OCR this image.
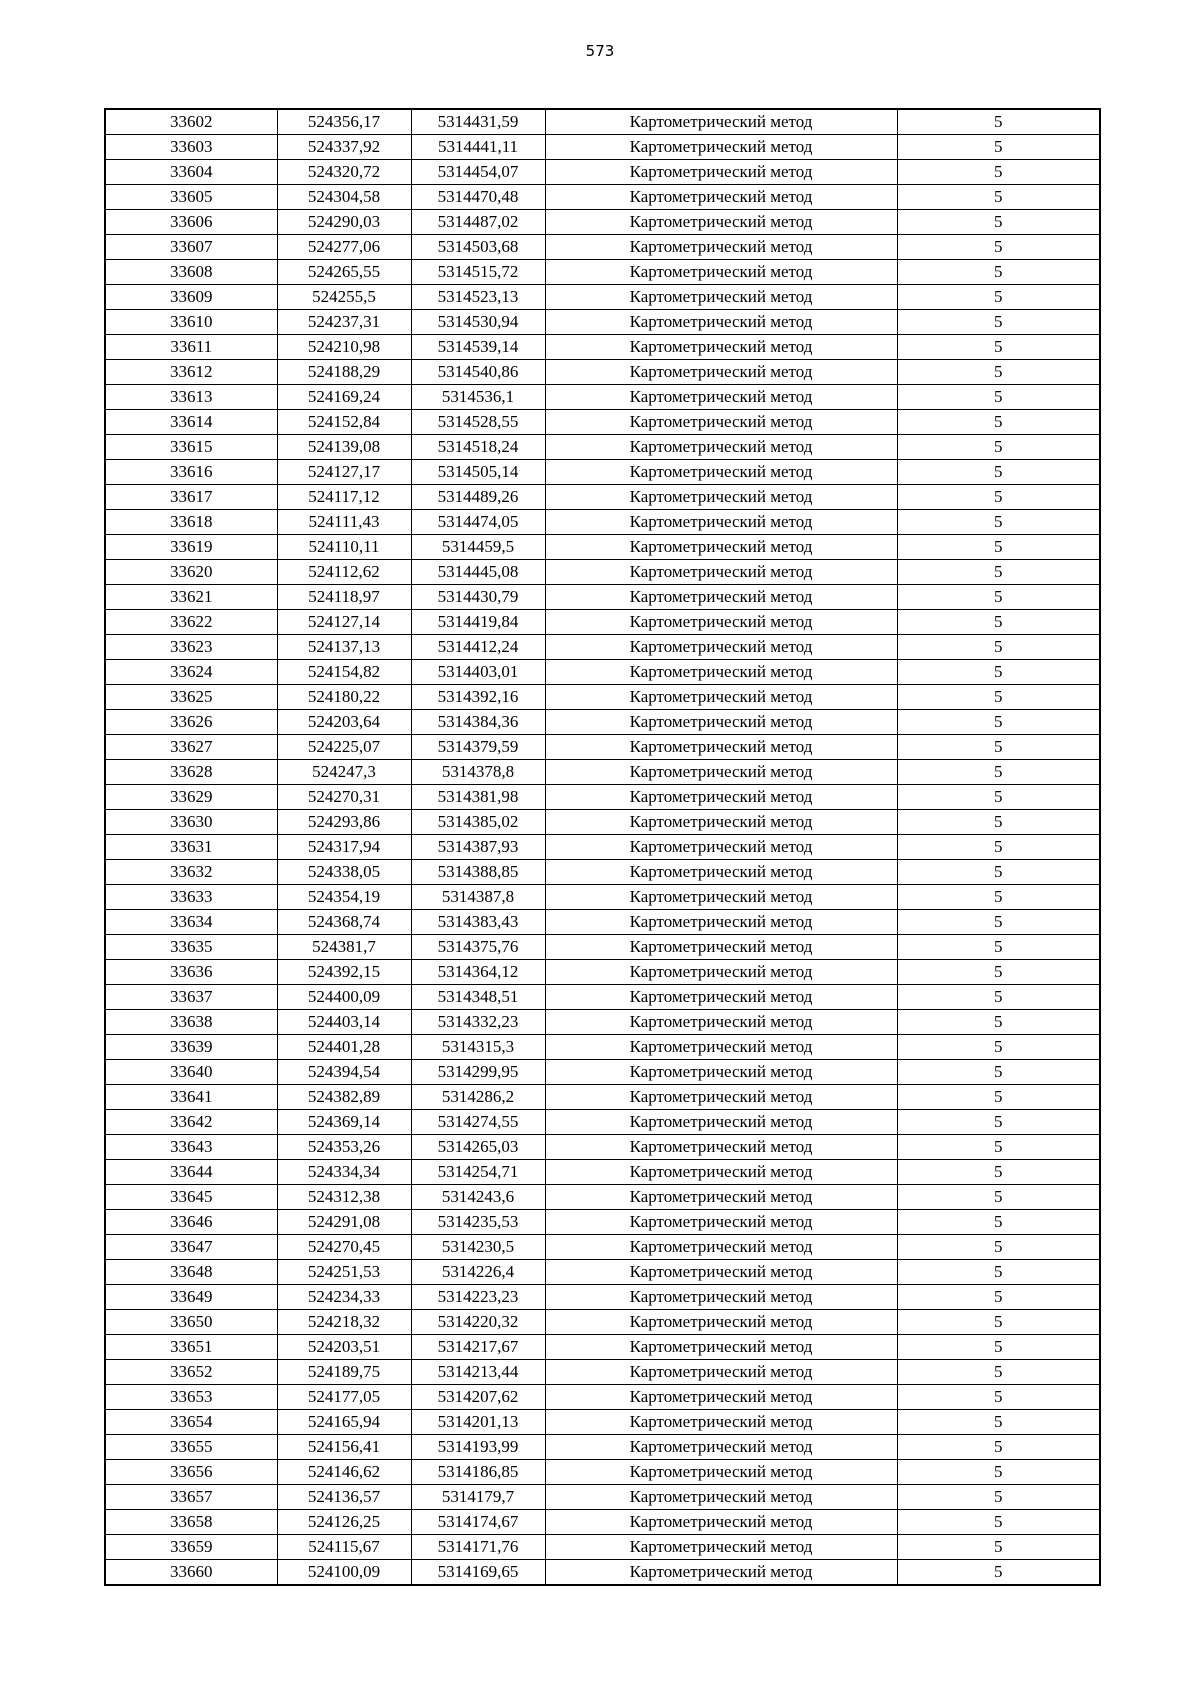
573
33602	524356,17	5314431,59	Картометрический метод	5
33603	524337,92	5314441,11	Картометрический метод	5
33604	524320,72	5314454,07	Картометрический метод	5
33605	524304,58	5314470,48	Картометрический метод	5
33606	524290,03	5314487,02	Картометрический метод	5
33607	524277,06	5314503,68	Картометрический метод	5
33608	524265,55	5314515,72	Картометрический метод	5
33609	524255,5	5314523,13	Картометрический метод	5
33610	524237,31	5314530,94	Картометрический метод	5
33611	524210,98	5314539,14	Картометрический метод	5
33612	524188,29	5314540,86	Картометрический метод	5
33613	524169,24	5314536,1	Картометрический метод	5
33614	524152,84	5314528,55	Картометрический метод	5
33615	524139,08	5314518,24	Картометрический метод	5
33616	524127,17	5314505,14	Картометрический метод	5
33617	524117,12	5314489,26	Картометрический метод	5
33618	524111,43	5314474,05	Картометрический метод	5
33619	524110,11	5314459,5	Картометрический метод	5
33620	524112,62	5314445,08	Картометрический метод	5
33621	524118,97	5314430,79	Картометрический метод	5
33622	524127,14	5314419,84	Картометрический метод	5
33623	524137,13	5314412,24	Картометрический метод	5
33624	524154,82	5314403,01	Картометрический метод	5
33625	524180,22	5314392,16	Картометрический метод	5
33626	524203,64	5314384,36	Картометрический метод	5
33627	524225,07	5314379,59	Картометрический метод	5
33628	524247,3	5314378,8	Картометрический метод	5
33629	524270,31	5314381,98	Картометрический метод	5
33630	524293,86	5314385,02	Картометрический метод	5
33631	524317,94	5314387,93	Картометрический метод	5
33632	524338,05	5314388,85	Картометрический метод	5
33633	524354,19	5314387,8	Картометрический метод	5
33634	524368,74	5314383,43	Картометрический метод	5
33635	524381,7	5314375,76	Картометрический метод	5
33636	524392,15	5314364,12	Картометрический метод	5
33637	524400,09	5314348,51	Картометрический метод	5
33638	524403,14	5314332,23	Картометрический метод	5
33639	524401,28	5314315,3	Картометрический метод	5
33640	524394,54	5314299,95	Картометрический метод	5
33641	524382,89	5314286,2	Картометрический метод	5
33642	524369,14	5314274,55	Картометрический метод	5
33643	524353,26	5314265,03	Картометрический метод	5
33644	524334,34	5314254,71	Картометрический метод	5
33645	524312,38	5314243,6	Картометрический метод	5
33646	524291,08	5314235,53	Картометрический метод	5
33647	524270,45	5314230,5	Картометрический метод	5
33648	524251,53	5314226,4	Картометрический метод	5
33649	524234,33	5314223,23	Картометрический метод	5
33650	524218,32	5314220,32	Картометрический метод	5
33651	524203,51	5314217,67	Картометрический метод	5
33652	524189,75	5314213,44	Картометрический метод	5
33653	524177,05	5314207,62	Картометрический метод	5
33654	524165,94	5314201,13	Картометрический метод	5
33655	524156,41	5314193,99	Картометрический метод	5
33656	524146,62	5314186,85	Картометрический метод	5
33657	524136,57	5314179,7	Картометрический метод	5
33658	524126,25	5314174,67	Картометрический метод	5
33659	524115,67	5314171,76	Картометрический метод	5
33660	524100,09	5314169,65	Картометрический метод	5
